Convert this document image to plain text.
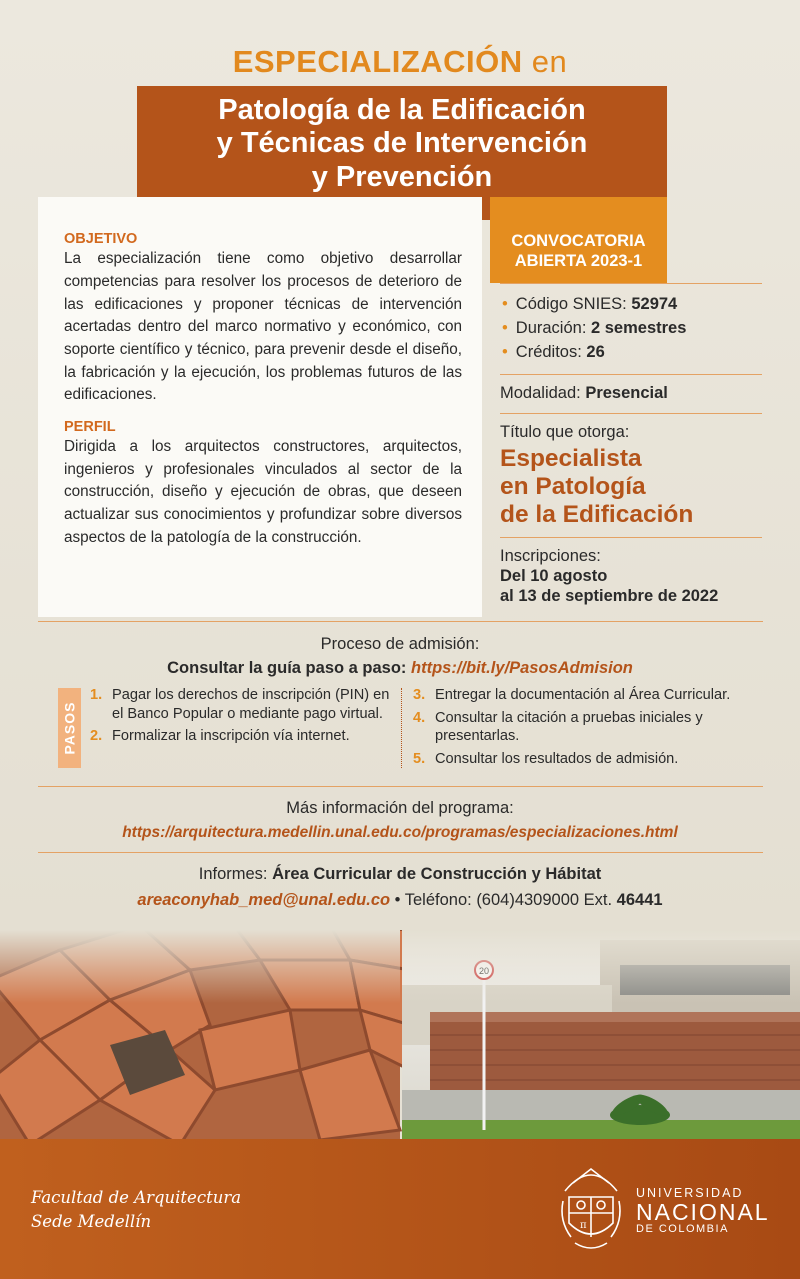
ESPECIALIZACIÓN en
Patología de la Edificación
y Técnicas de Intervención
y Prevención
OBJETIVO

La especialización tiene como objetivo desarrollar competencias para resolver los procesos de deterioro de las edificaciones y proponer técnicas de intervención acertadas dentro del marco normativo y económico, con soporte científico y técnico, para prevenir desde el diseño, la fabricación y la ejecución, los problemas futuros de las edificaciones.

PERFIL

Dirigida a los arquitectos constructores, arquitectos, ingenieros y profesionales vinculados al sector de la construcción, diseño y ejecución de obras, que deseen actualizar sus conocimientos y profundizar sobre diversos aspectos de la patología de la construcción.

CONVOCATORIA
ABIERTA 2023-1
• Código SNIES: 52974
• Duración: 2 semestres
• Créditos: 26
Modalidad: Presencial
Título que otorga:
Especialista
en Patología
de la Edificación
Inscripciones:
Del 10 agosto
al 13 de septiembre de 2022
Proceso de admisión:
Consultar la guía paso a paso: https://bit.ly/PasosAdmision
PASOS
1. Pagar los derechos de inscripción (PIN) en el Banco Popular o mediante pago virtual.
2. Formalizar la inscripción vía internet.
3. Entregar la documentación al Área Curricular.
4. Consultar la citación a pruebas iniciales y presentarlas.
5. Consultar los resultados de admisión.
Más información del programa:
https://arquitectura.medellin.unal.edu.co/programas/especializaciones.html
Informes: Área Curricular de Construcción y Hábitat
areaconyhab_med@unal.edu.co • Teléfono: (604)4309000 Ext. 46441
Facultad de Arquitectura
Sede Medellín	π
UNIVERSIDAD
NACIONAL
DE COLOMBIA
